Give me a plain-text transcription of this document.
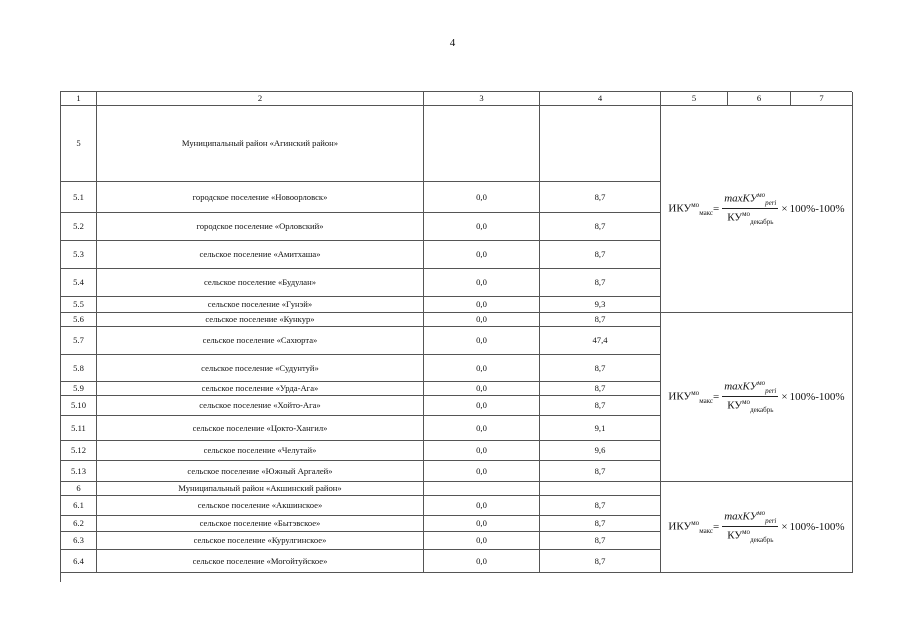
4
1	2	3	4	5	6	7
5	Муниципальный район «Агинский район»
5.1	городское поселение «Новоорловск»	0,0	8,7
5.2	городское поселение «Орловский»	0,0	8,7
5.3	сельское поселение «Амитхаша»	0,0	8,7
5.4	сельское поселение «Будулан»	0,0	8,7
5.5	сельское поселение «Гунэй»	0,0	9,3
5.6	сельское поселение «Кункур»	0,0	8,7
5.7	сельское поселение «Сахюрта»	0,0	47,4
5.8	сельское поселение «Судунтуй»	0,0	8,7
5.9	сельское поселение «Урда-Ага»	0,0	8,7
5.10	сельское поселение «Хойто-Ага»	0,0	8,7
5.11	сельское поселение «Цокто-Хангил»	0,0	9,1
5.12	сельское поселение «Челутай»	0,0	9,6
5.13	сельское поселение «Южный Аргалей»	0,0	8,7
6	Муниципальный район «Акшинский район»
6.1	сельское поселение «Акшинское»	0,0	8,7
6.2	сельское поселение «Бытэвское»	0,0	8,7
6.3	сельское поселение «Курулгинское»	0,0	8,7
6.4	сельское поселение «Могойтуйское»	0,0	8,7
$ИКУ^{мо}_{макс} = \frac{\max КУ^{мо}_{peri}}{КУ^{мо}_{декабрь}} \times 100\%-100\%$
$ИКУ^{мо}_{макс} = \frac{\max КУ^{мо}_{peri}}{КУ^{мо}_{декабрь}} \times 100\%-100\%$
$ИКУ^{мо}_{макс} = \frac{\max КУ^{мо}_{peri}}{КУ^{мо}_{декабрь}} \times 100\%-100\%$
